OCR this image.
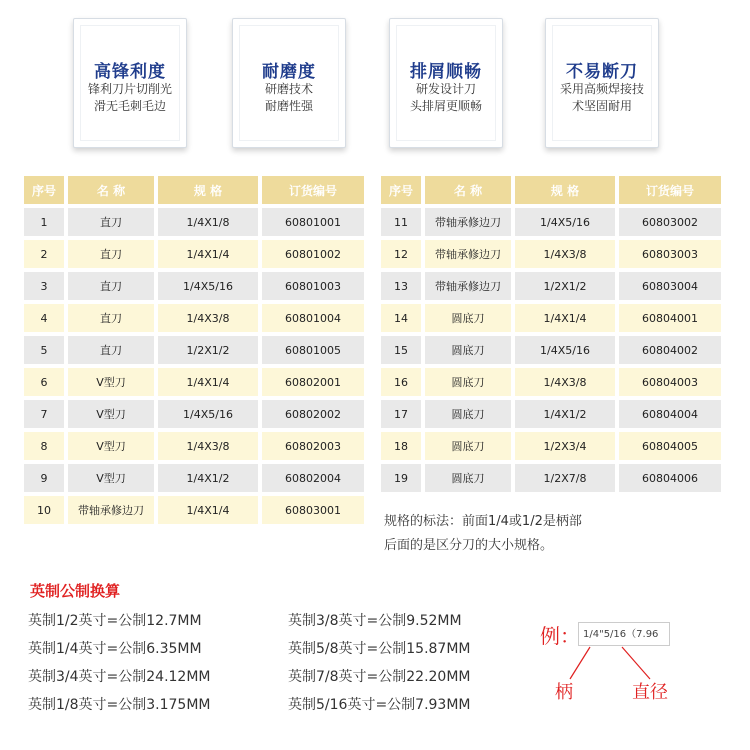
高锋利度
锋利刀片切削光
滑无毛刺毛边
耐磨度
研磨技术
耐磨性强
排屑顺畅
研发设计刀
头排屑更顺畅
不易断刀
采用高频焊接技
术坚固耐用
序号	名 称	规 格	订货编号
1	直刀	1/4X1/8	60801001
2	直刀	1/4X1/4	60801002
3	直刀	1/4X5/16	60801003
4	直刀	1/4X3/8	60801004
5	直刀	1/2X1/2	60801005
6	V型刀	1/4X1/4	60802001
7	V型刀	1/4X5/16	60802002
8	V型刀	1/4X3/8	60802003
9	V型刀	1/4X1/2	60802004
10	带轴承修边刀	1/4X1/4	60803001
序号	名 称	规 格	订货编号
11	带轴承修边刀	1/4X5/16	60803002
12	带轴承修边刀	1/4X3/8	60803003
13	带轴承修边刀	1/2X1/2	60803004
14	圆底刀	1/4X1/4	60804001
15	圆底刀	1/4X5/16	60804002
16	圆底刀	1/4X3/8	60804003
17	圆底刀	1/4X1/2	60804004
18	圆底刀	1/2X3/4	60804005
19	圆底刀	1/2X7/8	60804006
规格的标法：前面1/4或1/2是柄部
后面的是区分刀的大小规格。
英制公制换算
英制1/2英寸=公制12.7MM
英制1/4英寸=公制6.35MM
英制3/4英寸=公制24.12MM
英制1/8英寸=公制3.175MM
英制3/8英寸=公制9.52MM
英制5/8英寸=公制15.87MM
英制7/8英寸=公制22.20MM
英制5/16英寸=公制7.93MM
例： 1/4"5/16（7.96
柄	直径
